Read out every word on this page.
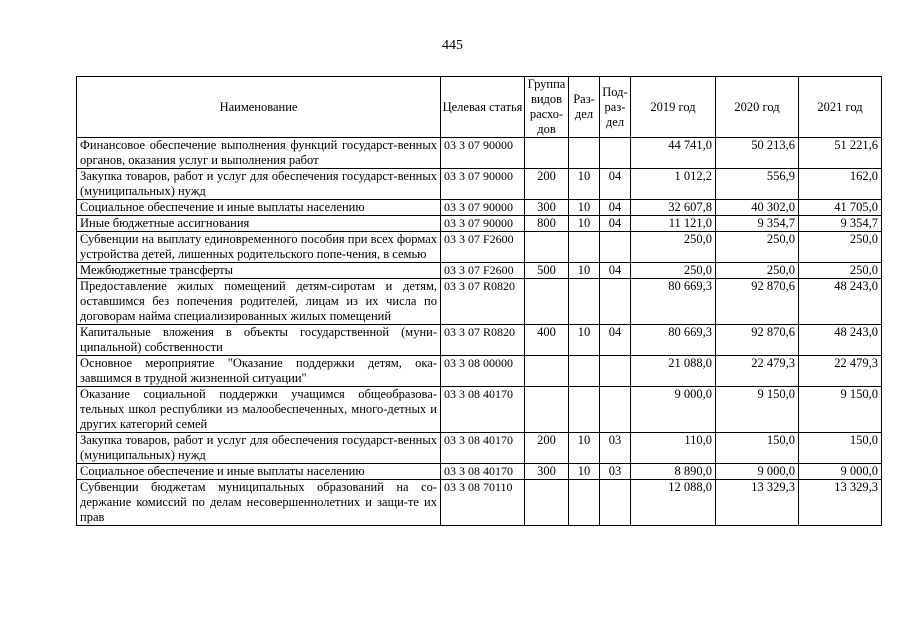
445
Наименование	Целевая статья	Группа видов расхо-дов	Раз-дел	Под-раз-дел	2019 год	2020 год	2021 год
Финансовое обеспечение выполнения функций государст-венных органов, оказания услуг и выполнения работ	03 3 07 90000				44 741,0	50 213,6	51 221,6
Закупка товаров, работ и услуг для обеспечения государст-венных (муниципальных) нужд	03 3 07 90000	200	10	04	1 012,2	556,9	162,0
Социальное обеспечение и иные выплаты населению	03 3 07 90000	300	10	04	32 607,8	40 302,0	41 705,0
Иные бюджетные ассигнования	03 3 07 90000	800	10	04	11 121,0	9 354,7	9 354,7
Субвенции на выплату единовременного пособия при всех формах устройства детей, лишенных родительского попе-чения, в семью	03 3 07 F2600				250,0	250,0	250,0
Межбюджетные трансферты	03 3 07 F2600	500	10	04	250,0	250,0	250,0
Предоставление жилых помещений детям-сиротам и детям, оставшимся без попечения родителей, лицам из их числа по договорам найма специализированных жилых помещений	03 3 07 R0820				80 669,3	92 870,6	48 243,0
Капитальные вложения в объекты государственной (муни-ципальной) собственности	03 3 07 R0820	400	10	04	80 669,3	92 870,6	48 243,0
Основное мероприятие "Оказание поддержки детям, ока-завшимся в трудной жизненной ситуации"	03 3 08 00000				21 088,0	22 479,3	22 479,3
Оказание социальной поддержки учащимся общеобразова-тельных школ республики из малообеспеченных, много-детных и других категорий семей	03 3 08 40170				9 000,0	9 150,0	9 150,0
Закупка товаров, работ и услуг для обеспечения государст-венных (муниципальных) нужд	03 3 08 40170	200	10	03	110,0	150,0	150,0
Социальное обеспечение и иные выплаты населению	03 3 08 40170	300	10	03	8 890,0	9 000,0	9 000,0
Субвенции бюджетам муниципальных образований на со-держание комиссий по делам несовершеннолетних и защи-те их прав	03 3 08 70110				12 088,0	13 329,3	13 329,3
